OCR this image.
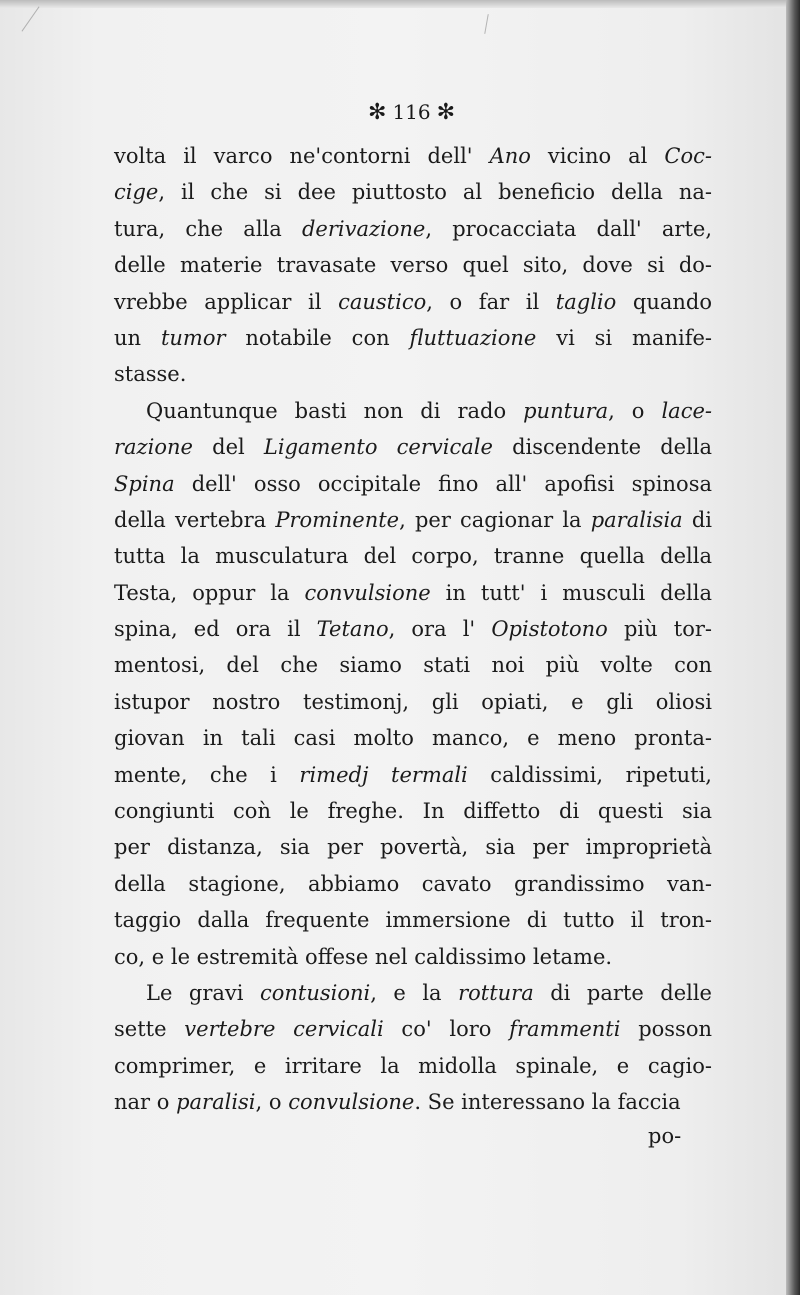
✻ 116 ✻
volta il varco ne'contorni dell' Ano vicino al Coc-
cige, il che si dee piuttosto al beneficio della na-
tura, che alla derivazione, procacciata dall' arte,
delle materie travasate verso quel sito, dove si do-
vrebbe applicar il caustico, o far il taglio quando
un tumor notabile con fluttuazione vi si manife-
stasse.
Quantunque basti non di rado puntura, o lace-
razione del Ligamento cervicale discendente della
Spina dell' osso occipitale fino all' apofisi spinosa
della vertebra Prominente, per cagionar la paralisia di
tutta la musculatura del corpo, tranne quella della
Testa, oppur la convulsione in tutt' i musculi della
spina, ed ora il Tetano, ora l' Opistotono più tor-
mentosi, del che siamo stati noi più volte con
istupor nostro testimonj, gli opiati, e gli oliosi
giovan in tali casi molto manco, e meno pronta-
mente, che i rimedj termali caldissimi, ripetuti,
congiunti coǹ le freghe. In diffetto di questi sia
per distanza, sia per povertà, sia per improprietà
della stagione, abbiamo cavato grandissimo van-
taggio dalla frequente immersione di tutto il tron-
co, e le estremità offese nel caldissimo letame.
Le gravi contusioni, e la rottura di parte delle
sette vertebre cervicali co' loro frammenti posson
comprimer, e irritare la midolla spinale, e cagio-
nar o paralisi, o convulsione. Se interessano la faccia
po-
